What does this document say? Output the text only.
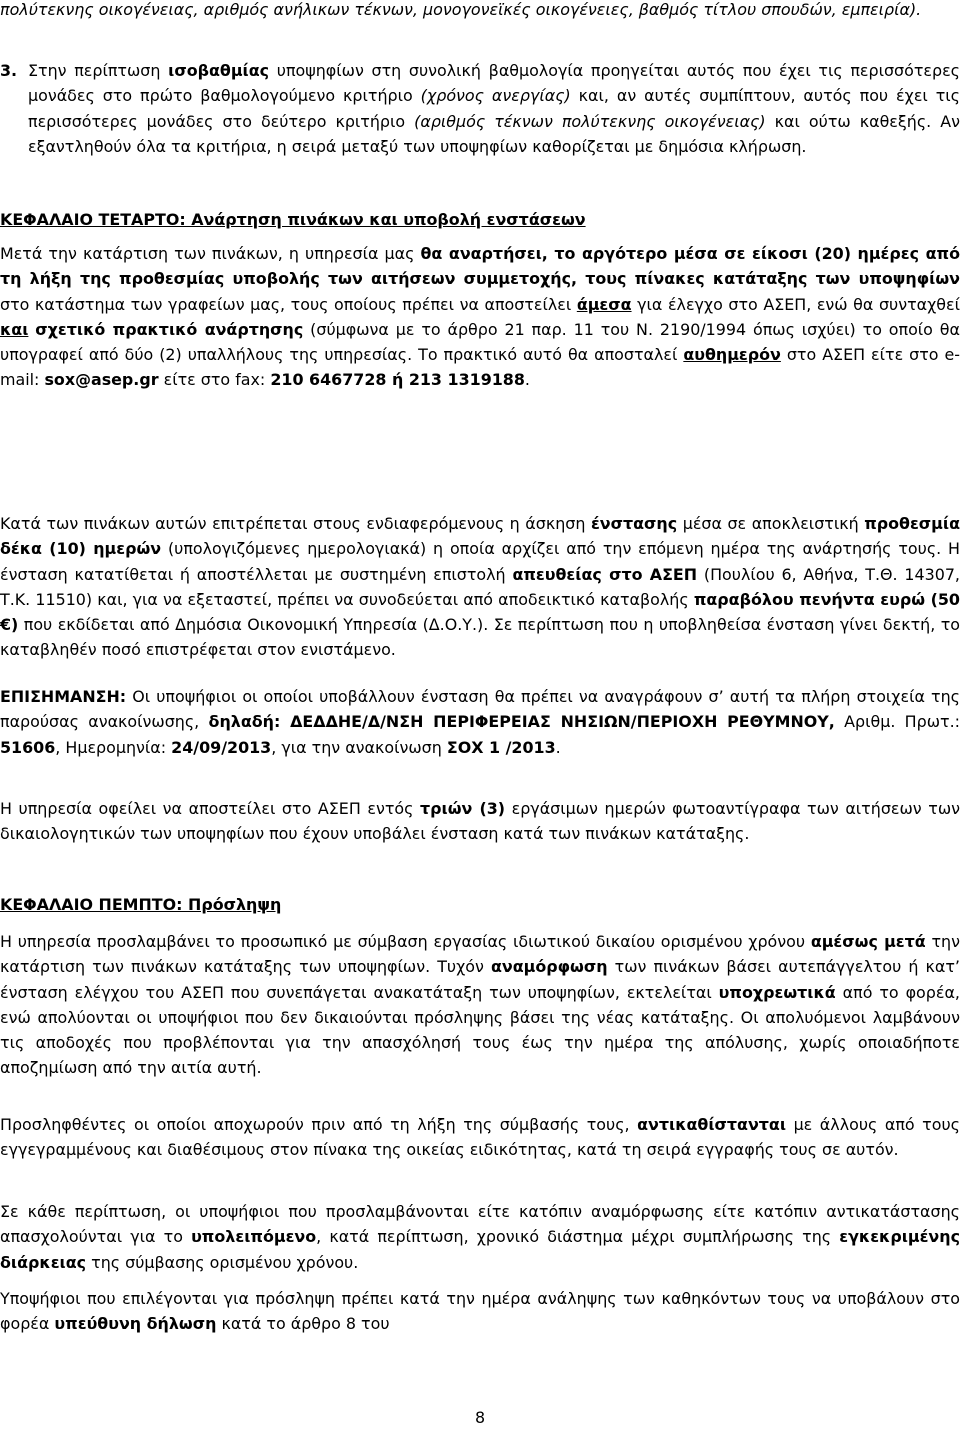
πολύτεκνης οικογένειας, αριθμός ανήλικων τέκνων, μονογονεϊκές οικογένειες, βαθμός τίτλου σπουδών, εμπειρία).

3. Στην περίπτωση ισοβαθμίας υποψηφίων στη συνολική βαθμολογία προηγείται αυτός που έχει τις περισσότερες μονάδες στο πρώτο βαθμολογούμενο κριτήριο (χρόνος ανεργίας) και, αν αυτές συμπίπτουν, αυτός που έχει τις περισσότερες μονάδες στο δεύτερο κριτήριο (αριθμός τέκνων πολύτεκνης οικογένειας) και ούτω καθεξής. Αν εξαντληθούν όλα τα κριτήρια, η σειρά μεταξύ των υποψηφίων καθορίζεται με δημόσια κλήρωση.

ΚΕΦΑΛΑΙΟ ΤΕΤΑΡΤΟ: Ανάρτηση πινάκων και υποβολή ενστάσεων

Μετά την κατάρτιση των πινάκων, η υπηρεσία μας θα αναρτήσει, το αργότερο μέσα σε είκοσι (20) ημέρες από τη λήξη της προθεσμίας υποβολής των αιτήσεων συμμετοχής, τους πίνακες κατάταξης των υποψηφίων στο κατάστημα των γραφείων μας, τους οποίους πρέπει να αποστείλει άμεσα για έλεγχο στο ΑΣΕΠ, ενώ θα συνταχθεί και σχετικό πρακτικό ανάρτησης (σύμφωνα με το άρθρο 21 παρ. 11 του Ν. 2190/1994 όπως ισχύει) το οποίο θα υπογραφεί από δύο (2) υπαλλήλους της υπηρεσίας. Το πρακτικό αυτό θα αποσταλεί αυθημερόν στο ΑΣΕΠ είτε στο e-mail: sox@asep.gr είτε στο fax: 210 6467728 ή 213 1319188.

Κατά των πινάκων αυτών επιτρέπεται στους ενδιαφερόμενους η άσκηση ένστασης μέσα σε αποκλειστική προθεσμία δέκα (10) ημερών (υπολογιζόμενες ημερολογιακά) η οποία αρχίζει από την επόμενη ημέρα της ανάρτησής τους. Η ένσταση κατατίθεται ή αποστέλλεται με συστημένη επιστολή απευθείας στο ΑΣΕΠ (Πουλίου 6, Αθήνα, Τ.Θ. 14307, Τ.Κ. 11510) και, για να εξεταστεί, πρέπει να συνοδεύεται από αποδεικτικό καταβολής παραβόλου πενήντα ευρώ (50 €) που εκδίδεται από Δημόσια Οικονομική Υπηρεσία (Δ.Ο.Υ.). Σε περίπτωση που η υποβληθείσα ένσταση γίνει δεκτή, το καταβληθέν ποσό επιστρέφεται στον ενιστάμενο.

ΕΠΙΣΗΜΑΝΣΗ: Οι υποψήφιοι οι οποίοι υποβάλλουν ένσταση θα πρέπει να αναγράφουν σ’ αυτή τα πλήρη στοιχεία της παρούσας ανακοίνωσης, δηλαδή: ΔΕΔΔΗΕ/Δ/ΝΣΗ ΠΕΡΙΦΕΡΕΙΑΣ ΝΗΣΙΩΝ/ΠΕΡΙΟΧΗ ΡΕΘΥΜΝΟΥ, Αριθμ. Πρωτ.: 51606, Ημερομηνία: 24/09/2013, για την ανακοίνωση ΣΟΧ 1 /2013.

Η υπηρεσία οφείλει να αποστείλει στο ΑΣΕΠ εντός τριών (3) εργάσιμων ημερών φωτοαντίγραφα των αιτήσεων των δικαιολογητικών των υποψηφίων που έχουν υποβάλει ένσταση κατά των πινάκων κατάταξης.

ΚΕΦΑΛΑΙΟ ΠΕΜΠΤΟ: Πρόσληψη

Η υπηρεσία προσλαμβάνει το προσωπικό με σύμβαση εργασίας ιδιωτικού δικαίου ορισμένου χρόνου αμέσως μετά την κατάρτιση των πινάκων κατάταξης των υποψηφίων. Τυχόν αναμόρφωση των πινάκων βάσει αυτεπάγγελτου ή κατ’ ένσταση ελέγχου του ΑΣΕΠ που συνεπάγεται ανακατάταξη των υποψηφίων, εκτελείται υποχρεωτικά από το φορέα, ενώ απολύονται οι υποψήφιοι που δεν δικαιούνται πρόσληψης βάσει της νέας κατάταξης. Οι απολυόμενοι λαμβάνουν τις αποδοχές που προβλέπονται για την απασχόλησή τους έως την ημέρα της απόλυσης, χωρίς οποιαδήποτε αποζημίωση από την αιτία αυτή.

Προσληφθέντες οι οποίοι αποχωρούν πριν από τη λήξη της σύμβασής τους, αντικαθίστανται με άλλους από τους εγγεγραμμένους και διαθέσιμους στον πίνακα της οικείας ειδικότητας, κατά τη σειρά εγγραφής τους σε αυτόν.

Σε κάθε περίπτωση, οι υποψήφιοι που προσλαμβάνονται είτε κατόπιν αναμόρφωσης είτε κατόπιν αντικατάστασης απασχολούνται για το υπολειπόμενο, κατά περίπτωση, χρονικό διάστημα μέχρι συμπλήρωσης της εγκεκριμένης διάρκειας της σύμβασης ορισμένου χρόνου.

Υποψήφιοι που επιλέγονται για πρόσληψη πρέπει κατά την ημέρα ανάληψης των καθηκόντων τους να υποβάλουν στο φορέα υπεύθυνη δήλωση κατά το άρθρο 8 του

8
